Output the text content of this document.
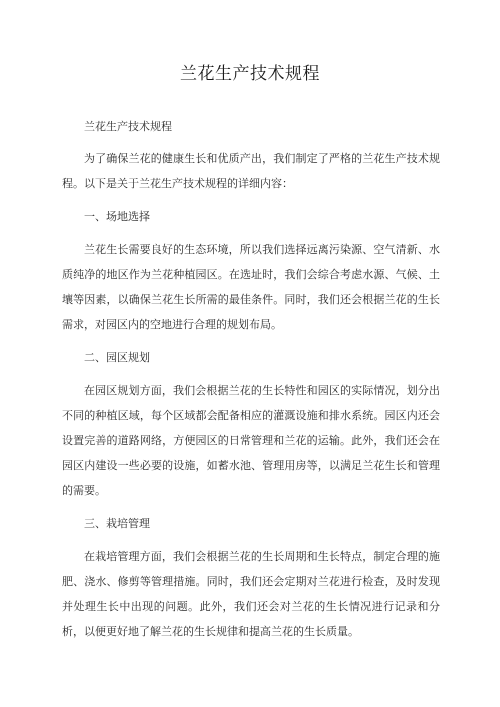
兰花生产技术规程

兰花生产技术规程

为了确保兰花的健康生长和优质产出，我们制定了严格的兰花生产技术规程。以下是关于兰花生产技术规程的详细内容：

一、场地选择

兰花生长需要良好的生态环境，所以我们选择远离污染源、空气清新、水质纯净的地区作为兰花种植园区。在选址时，我们会综合考虑水源、气候、土壤等因素，以确保兰花生长所需的最佳条件。同时，我们还会根据兰花的生长需求，对园区内的空地进行合理的规划布局。

二、园区规划

在园区规划方面，我们会根据兰花的生长特性和园区的实际情况，划分出不同的种植区域，每个区域都会配备相应的灌溉设施和排水系统。园区内还会设置完善的道路网络，方便园区的日常管理和兰花的运输。此外，我们还会在园区内建设一些必要的设施，如蓄水池、管理用房等，以满足兰花生长和管理的需要。

三、栽培管理

在栽培管理方面，我们会根据兰花的生长周期和生长特点，制定合理的施肥、浇水、修剪等管理措施。同时，我们还会定期对兰花进行检查，及时发现并处理生长中出现的问题。此外，我们还会对兰花的生长情况进行记录和分析，以便更好地了解兰花的生长规律和提高兰花的生长质量。
